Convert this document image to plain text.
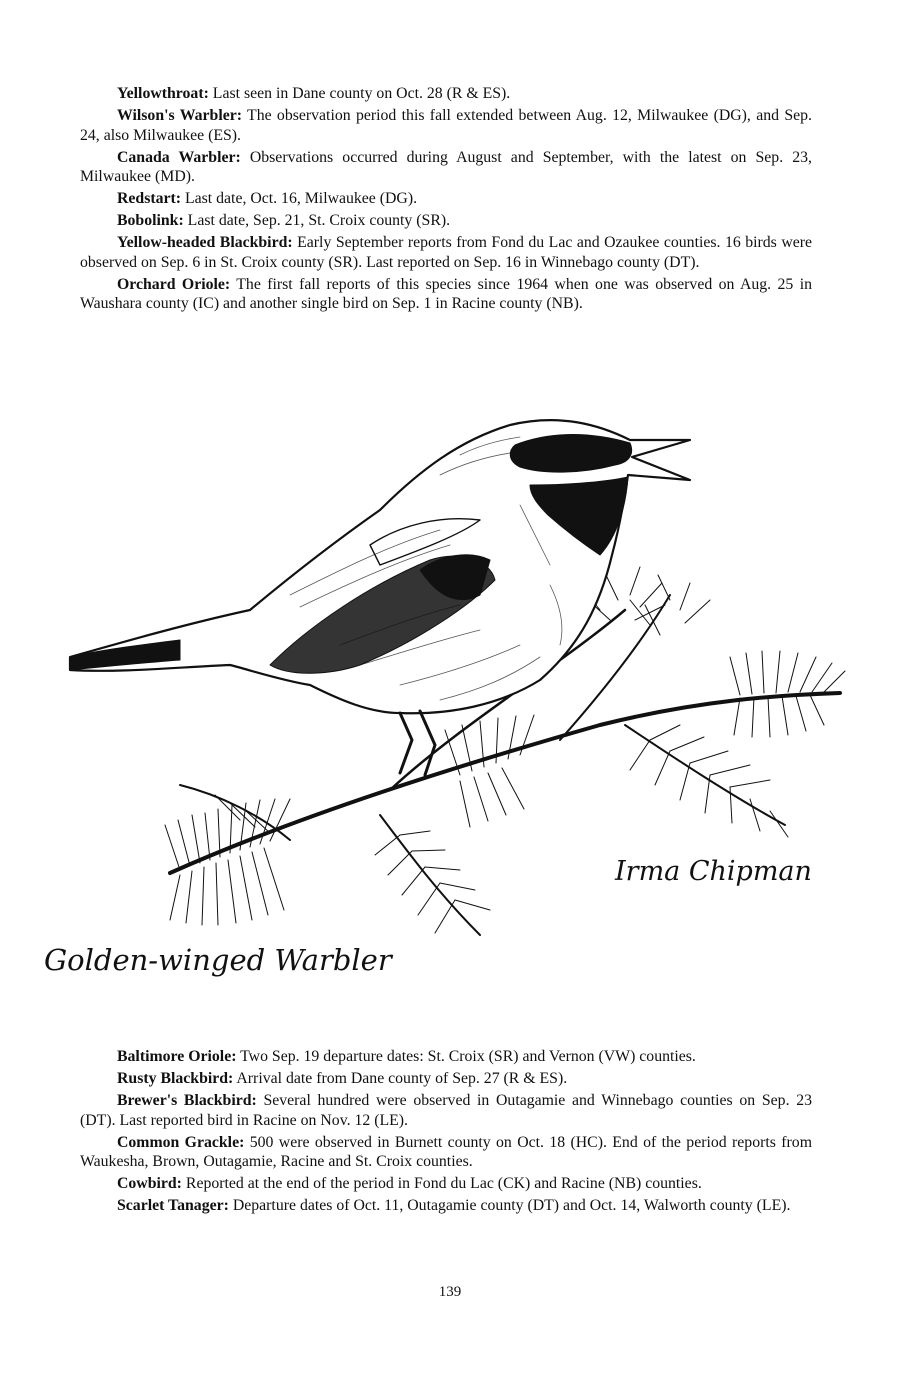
Yellowthroat: Last seen in Dane county on Oct. 28 (R & ES).

Wilson's Warbler: The observation period this fall extended between Aug. 12, Milwaukee (DG), and Sep. 24, also Milwaukee (ES).

Canada Warbler: Observations occurred during August and September, with the latest on Sep. 23, Milwaukee (MD).

Redstart: Last date, Oct. 16, Milwaukee (DG).

Bobolink: Last date, Sep. 21, St. Croix county (SR).

Yellow-headed Blackbird: Early September reports from Fond du Lac and Ozaukee counties. 16 birds were observed on Sep. 6 in St. Croix county (SR). Last reported on Sep. 16 in Winnebago county (DT).

Orchard Oriole: The first fall reports of this species since 1964 when one was observed on Aug. 25 in Waushara county (IC) and another single bird on Sep. 1 in Racine county (NB).

Irma Chipman
Golden-winged Warbler

Baltimore Oriole: Two Sep. 19 departure dates: St. Croix (SR) and Vernon (VW) counties.

Rusty Blackbird: Arrival date from Dane county of Sep. 27 (R & ES).

Brewer's Blackbird: Several hundred were observed in Outagamie and Winnebago counties on Sep. 23 (DT). Last reported bird in Racine on Nov. 12 (LE).

Common Grackle: 500 were observed in Burnett county on Oct. 18 (HC). End of the period reports from Waukesha, Brown, Outagamie, Racine and St. Croix counties.

Cowbird: Reported at the end of the period in Fond du Lac (CK) and Racine (NB) counties.

Scarlet Tanager: Departure dates of Oct. 11, Outagamie county (DT) and Oct. 14, Walworth county (LE).

139
